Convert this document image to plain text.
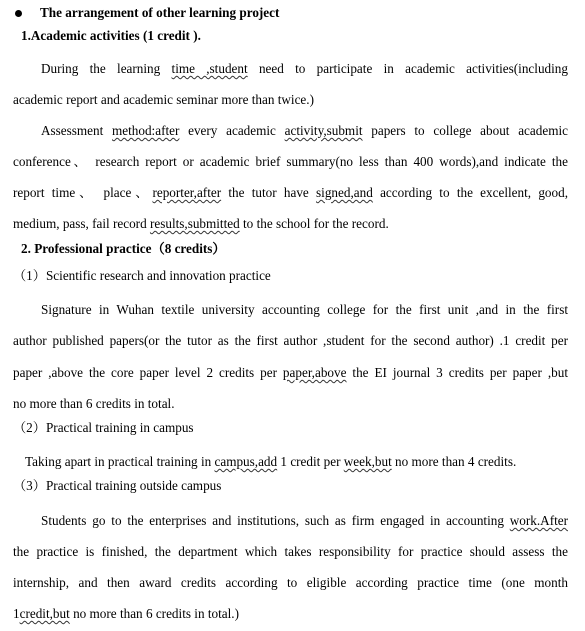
The arrangement of other learning project
1.Academic activities (1 credit ).
During the learning time ,student need to participate in academic activities(including
academic report and academic seminar more than twice.)
Assessment method:after every academic activity,submit papers to college about academic
conference、 research report or academic brief summary(no less than 400 words),and indicate the
report time、 place、reporter,after the tutor have signed,and according to the excellent, good,
medium, pass, fail record results,submitted to the school for the record.
2. Professional practice（8 credits）
（1）Scientific research and innovation practice
Signature in Wuhan textile university accounting college for the first unit ,and in the first
author published papers(or the tutor as the first author ,student for the second author) .1 credit per
paper ,above the core paper level 2 credits per paper,above the EI journal 3 credits per paper ,but
no more than 6 credits in total.
（2）Practical training in campus
Taking apart in practical training in campus,add 1 credit per week,but no more than 4 credits.
（3）Practical training outside campus
Students go to the enterprises and institutions, such as firm engaged in accounting work.After
the practice is finished, the department which takes responsibility for practice should assess the
internship, and then award credits according to eligible according practice time (one month
1credit,but no more than 6 credits in total.)
